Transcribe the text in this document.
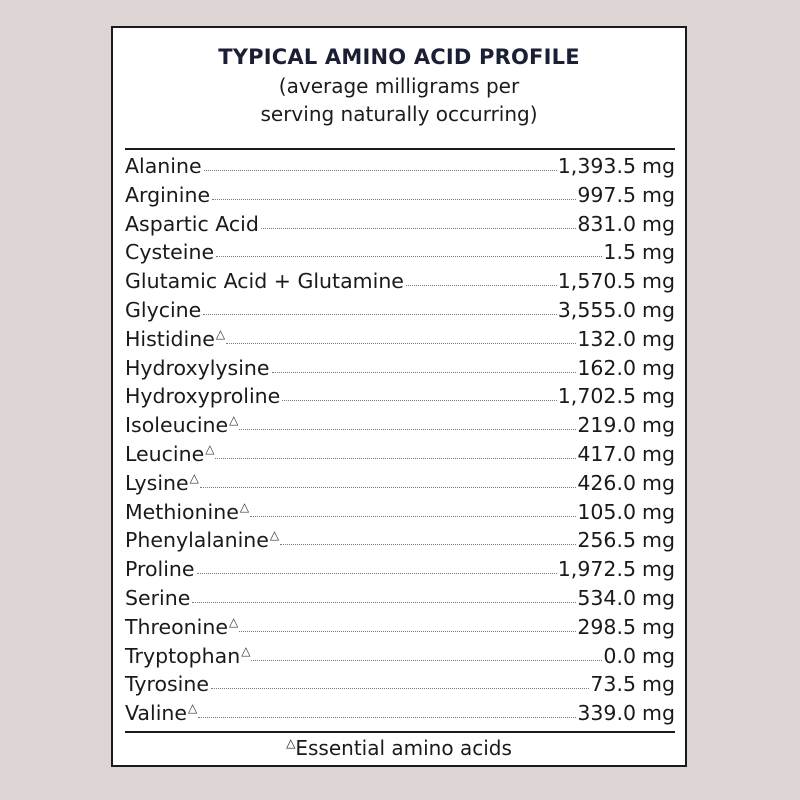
TYPICAL AMINO ACID PROFILE
(average milligrams per
serving naturally occurring)
Alanine	1,393.5 mg
Arginine	997.5 mg
Aspartic Acid	831.0 mg
Cysteine	1.5 mg
Glutamic Acid + Glutamine	1,570.5 mg
Glycine	3,555.0 mg
Histidine △	132.0 mg
Hydroxylysine	162.0 mg
Hydroxyproline	1,702.5 mg
Isoleucine △	219.0 mg
Leucine △	417.0 mg
Lysine △	426.0 mg
Methionine △	105.0 mg
Phenylalanine △	256.5 mg
Proline	1,972.5 mg
Serine	534.0 mg
Threonine △	298.5 mg
Tryptophan △	0.0 mg
Tyrosine	73.5 mg
Valine △	339.0 mg
△Essential amino acids
